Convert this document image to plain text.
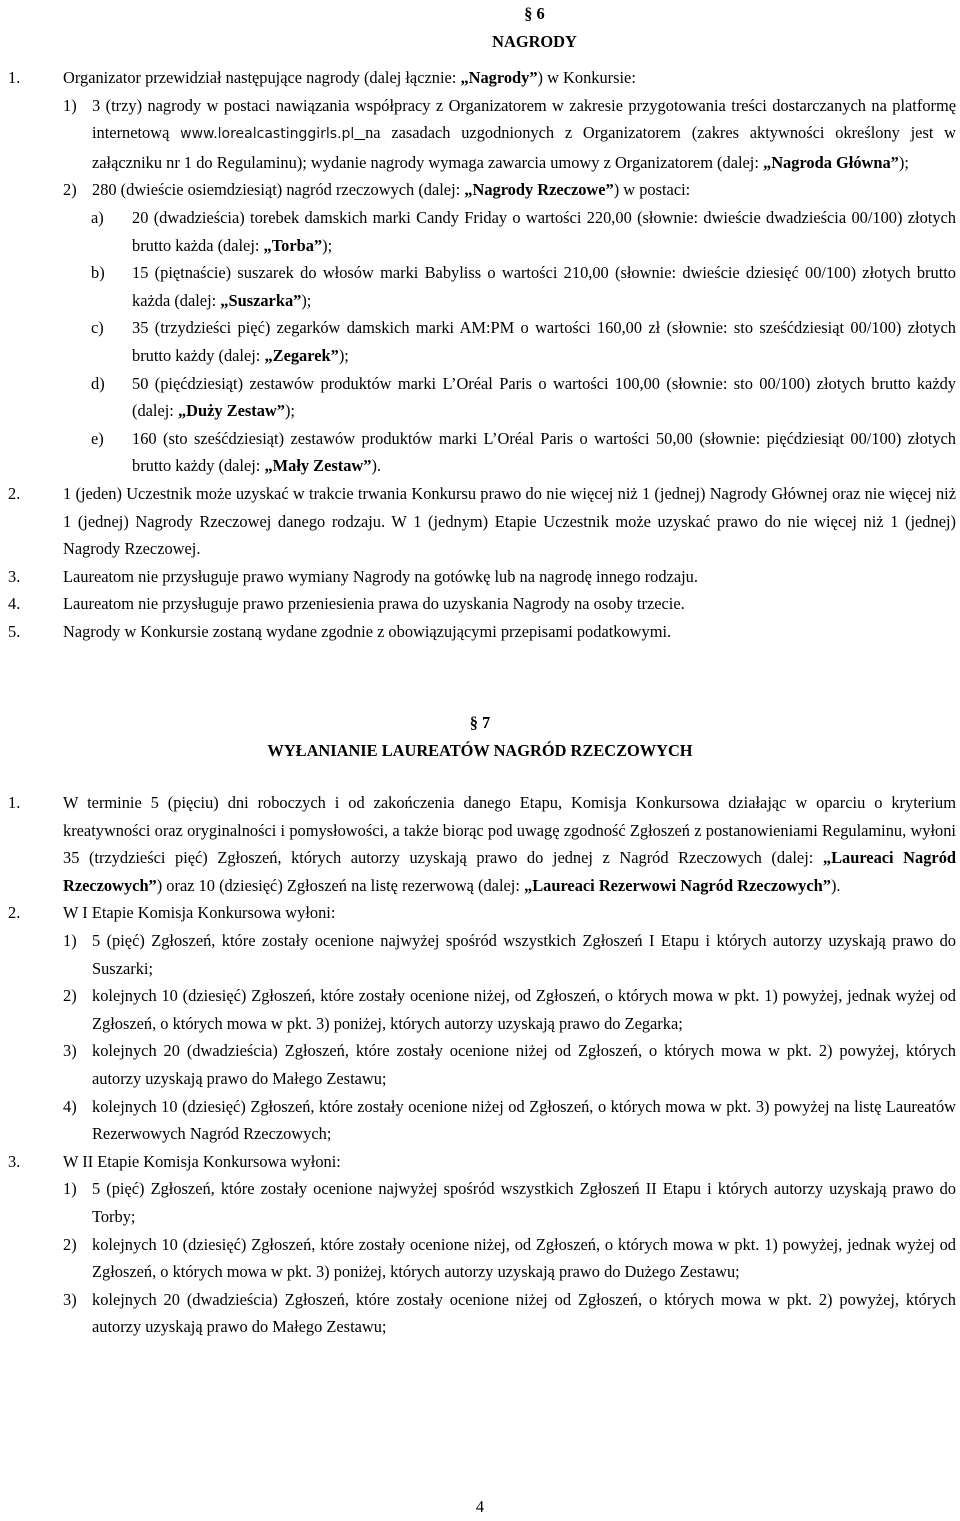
§ 6
NAGRODY
1.	Organizator przewidział następujące nagrody (dalej łącznie: „Nagrody”) w Konkursie:
1) 3 (trzy) nagrody w postaci nawiązania współpracy z Organizatorem w zakresie przygotowania treści dostarczanych na platformę internetową www.lorealcastinggirls.pl na zasadach uzgodnionych z Organizatorem (zakres aktywności określony jest w załączniku nr 1 do Regulaminu); wydanie nagrody wymaga zawarcia umowy z Organizatorem (dalej: „Nagroda Główna”);
2) 280 (dwieście osiemdziesiąt) nagród rzeczowych (dalej: „Nagrody Rzeczowe”) w postaci:
a) 20 (dwadzieścia) torebek damskich marki Candy Friday o wartości 220,00 (słownie: dwieście dwadzieścia 00/100) złotych brutto każda (dalej: „Torba”);
b) 15 (piętnaście) suszarek do włosów marki Babyliss o wartości 210,00 (słownie: dwieście dziesięć 00/100) złotych brutto każda (dalej: „Suszarka”);
c) 35 (trzydzieści pięć) zegarków damskich marki AM:PM o wartości 160,00 zł (słownie: sto sześćdziesiąt 00/100) złotych brutto każdy (dalej: „Zegarek”);
d) 50 (pięćdziesiąt) zestawów produktów marki L’Oréal Paris o wartości 100,00 (słownie: sto 00/100) złotych brutto każdy (dalej: „Duży Zestaw”);
e) 160 (sto sześćdziesiąt) zestawów produktów marki L’Oréal Paris o wartości 50,00 (słownie: pięćdziesiąt 00/100) złotych brutto każdy (dalej: „Mały Zestaw”).
2.	1 (jeden) Uczestnik może uzyskać w trakcie trwania Konkursu prawo do nie więcej niż 1 (jednej) Nagrody Głównej oraz nie więcej niż 1 (jednej) Nagrody Rzeczowej danego rodzaju. W 1 (jednym) Etapie Uczestnik może uzyskać prawo do nie więcej niż 1 (jednej) Nagrody Rzeczowej.
3.	Laureatom nie przysługuje prawo wymiany Nagrody na gotówkę lub na nagrodę innego rodzaju.
4.	Laureatom nie przysługuje prawo przeniesienia prawa do uzyskania Nagrody na osoby trzecie.
5.	Nagrody w Konkursie zostaną wydane zgodnie z obowiązującymi przepisami podatkowymi.
§ 7
WYŁANIANIE LAUREATÓW NAGRÓD RZECZOWYCH
1.	W terminie 5 (pięciu) dni roboczych i od zakończenia danego Etapu, Komisja Konkursowa działając w oparciu o kryterium kreatywności oraz oryginalności i pomysłowości, a także biorąc pod uwagę zgodność Zgłoszeń z postanowieniami Regulaminu, wyłoni 35 (trzydzieści pięć) Zgłoszeń, których autorzy uzyskają prawo do jednej z Nagród Rzeczowych (dalej: „Laureaci Nagród Rzeczowych”) oraz 10 (dziesięć) Zgłoszeń na listę rezerwową (dalej: „Laureaci Rezerwowi Nagród Rzeczowych”).
2.	W I Etapie Komisja Konkursowa wyłoni:
1) 5 (pięć) Zgłoszeń, które zostały ocenione najwyżej spośród wszystkich Zgłoszeń I Etapu i których autorzy uzyskają prawo do Suszarki;
2) kolejnych 10 (dziesięć) Zgłoszeń, które zostały ocenione niżej, od Zgłoszeń, o których mowa w pkt. 1) powyżej, jednak wyżej od Zgłoszeń, o których mowa w pkt. 3) poniżej, których autorzy uzyskają prawo do Zegarka;
3) kolejnych 20 (dwadzieścia) Zgłoszeń, które zostały ocenione niżej od Zgłoszeń, o których mowa w pkt. 2) powyżej, których autorzy uzyskają prawo do Małego Zestawu;
4) kolejnych 10 (dziesięć) Zgłoszeń, które zostały ocenione niżej od Zgłoszeń, o których mowa w pkt. 3) powyżej na listę Laureatów Rezerwowych Nagród Rzeczowych;
3.	W II Etapie Komisja Konkursowa wyłoni:
1) 5 (pięć) Zgłoszeń, które zostały ocenione najwyżej spośród wszystkich Zgłoszeń II Etapu i których autorzy uzyskają prawo do Torby;
2) kolejnych 10 (dziesięć) Zgłoszeń, które zostały ocenione niżej, od Zgłoszeń, o których mowa w pkt. 1) powyżej, jednak wyżej od Zgłoszeń, o których mowa w pkt. 3) poniżej, których autorzy uzyskają prawo do Dużego Zestawu;
3) kolejnych 20 (dwadzieścia) Zgłoszeń, które zostały ocenione niżej od Zgłoszeń, o których mowa w pkt. 2) powyżej, których autorzy uzyskają prawo do Małego Zestawu;
4
